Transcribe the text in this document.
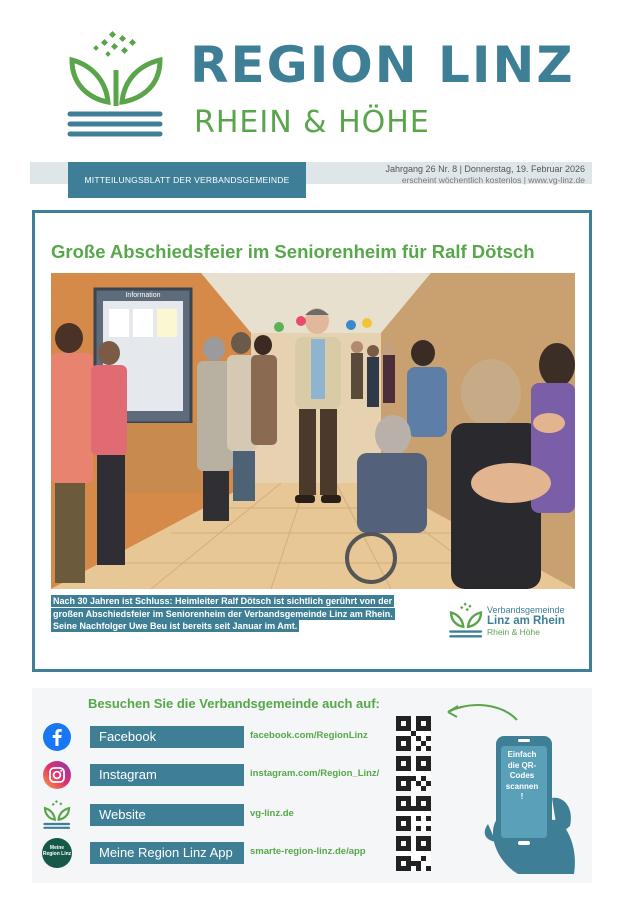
REGION LINZ
RHEIN & HÖHE
MITTEILUNGSBLATT DER VERBANDSGEMEINDE
Jahrgang 26 Nr. 8 | Donnerstag, 19. Februar 2026
erscheint wöchentlich kostenlos | www.vg-linz.de
Große Abschiedsfeier im Seniorenheim für Ralf Dötsch
Information
Nach 30 Jahren ist Schluss: Heimleiter Ralf Dötsch ist sichtlich gerührt von der
großen Abschiedsfeier im Seniorenheim der Verbandsgemeinde Linz am Rhein.
Seine Nachfolger Uwe Beu ist bereits seit Januar im Amt.
Verbandsgemeinde
Linz am Rhein
Rhein & Höhe
Besuchen Sie die Verbandsgemeinde auch auf:
Facebook	facebook.com/RegionLinz
Instagram	instagram.com/Region_Linz/
Website	vg-linz.de
Meine Region Linz	Meine Region Linz App	smarte-region-linz.de/app
Einfach
die QR-
Codes
scannen
!
